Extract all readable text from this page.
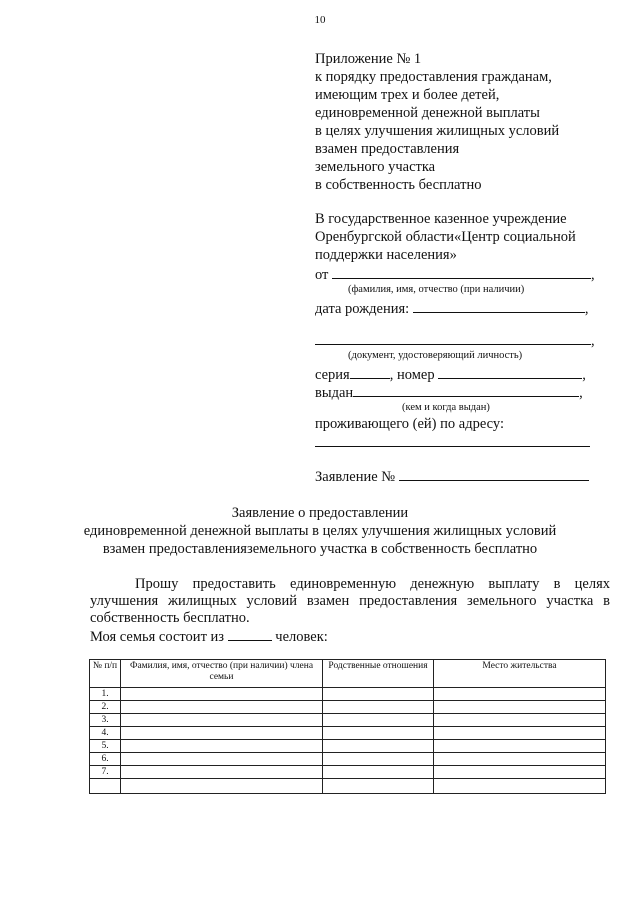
10
Приложение № 1
к порядку предоставления гражданам,
имеющим трех и более детей,
единовременной денежной выплаты
в целях улучшения жилищных условий
взамен предоставления
земельного участка
в собственность бесплатно
В государственное казенное учреждение
Оренбургской области«Центр социальной
поддержки населения»
от	,
(фамилия, имя, отчество (при наличии)
дата рождения:	,
,
(документ, удостоверяющий личность)
серия	, номер	,
выдан	,
(кем и когда выдан)
проживающего (ей) по адресу:
Заявление №
Заявление о предоставлении
единовременной денежной выплаты в целях улучшения жилищных условий
взамен предоставленияземельного участка в собственность бесплатно
Прошу предоставить единовременную денежную выплату в целях улучшения жилищных условий взамен предоставления земельного участка в собственность бесплатно.
Моя семья состоит из	человек:
№ п/п	Фамилия, имя, отчество (при наличии) члена семьи	Родственные отношения	Место жительства
1.			
2.			
3.			
4.			
5.			
6.			
7.			
